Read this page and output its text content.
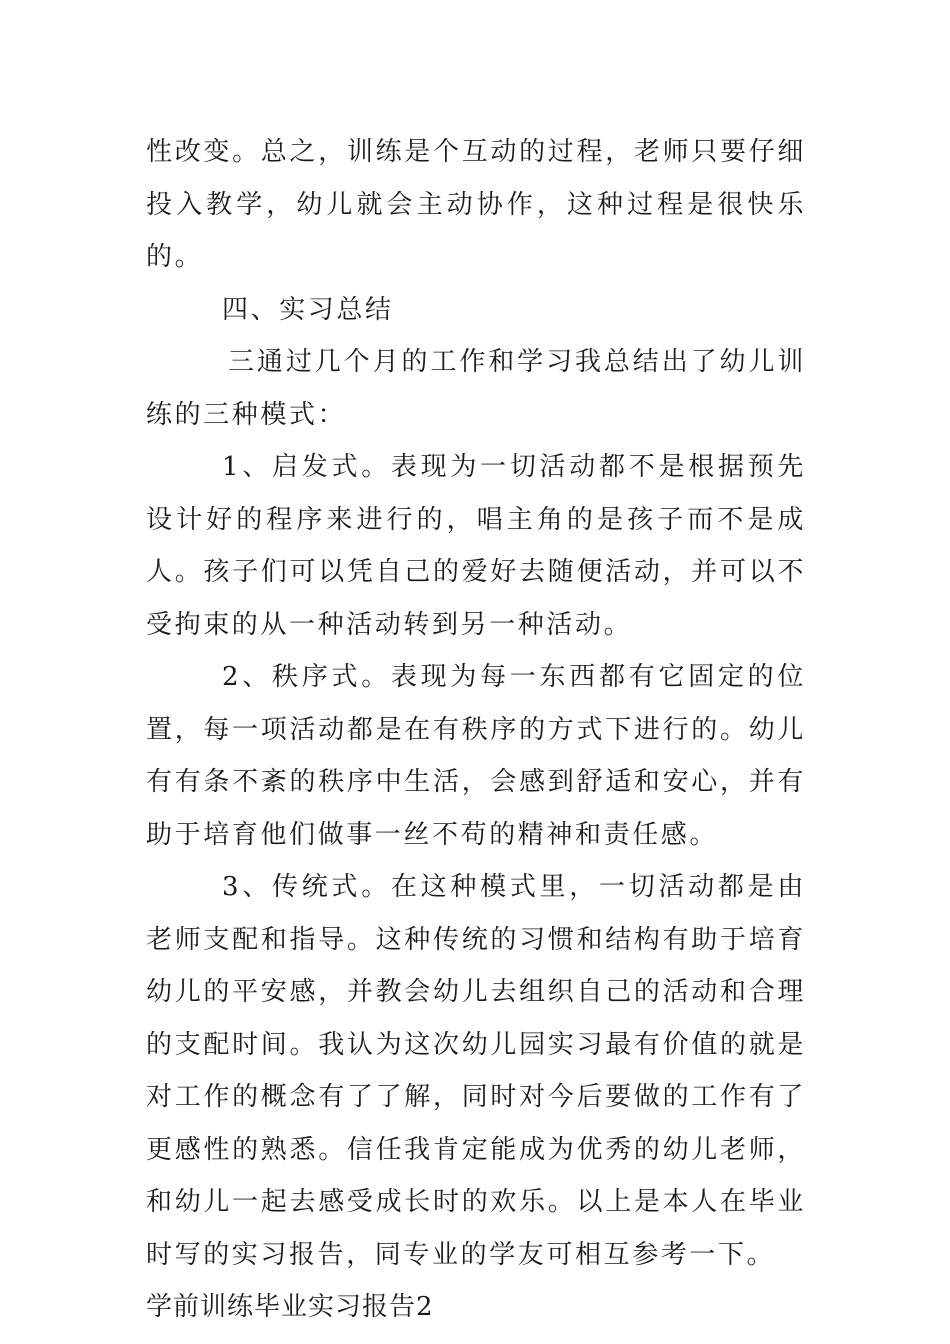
性改变。总之，训练是个互动的过程，老师只要仔细投入教学，幼儿就会主动协作，这种过程是很快乐的。

四、实习总结

三通过几个月的工作和学习我总结出了幼儿训练的三种模式：

1、启发式。表现为一切活动都不是根据预先设计好的程序来进行的，唱主角的是孩子而不是成人。孩子们可以凭自己的爱好去随便活动，并可以不受拘束的从一种活动转到另一种活动。

2、秩序式。表现为每一东西都有它固定的位置，每一项活动都是在有秩序的方式下进行的。幼儿有有条不紊的秩序中生活，会感到舒适和安心，并有助于培育他们做事一丝不苟的精神和责任感。

3、传统式。在这种模式里，一切活动都是由老师支配和指导。这种传统的习惯和结构有助于培育幼儿的平安感，并教会幼儿去组织自己的活动和合理的支配时间。我认为这次幼儿园实习最有价值的就是对工作的概念有了了解，同时对今后要做的工作有了更感性的熟悉。信任我肯定能成为优秀的幼儿老师，和幼儿一起去感受成长时的欢乐。以上是本人在毕业时写的实习报告，同专业的学友可相互参考一下。

学前训练毕业实习报告2
